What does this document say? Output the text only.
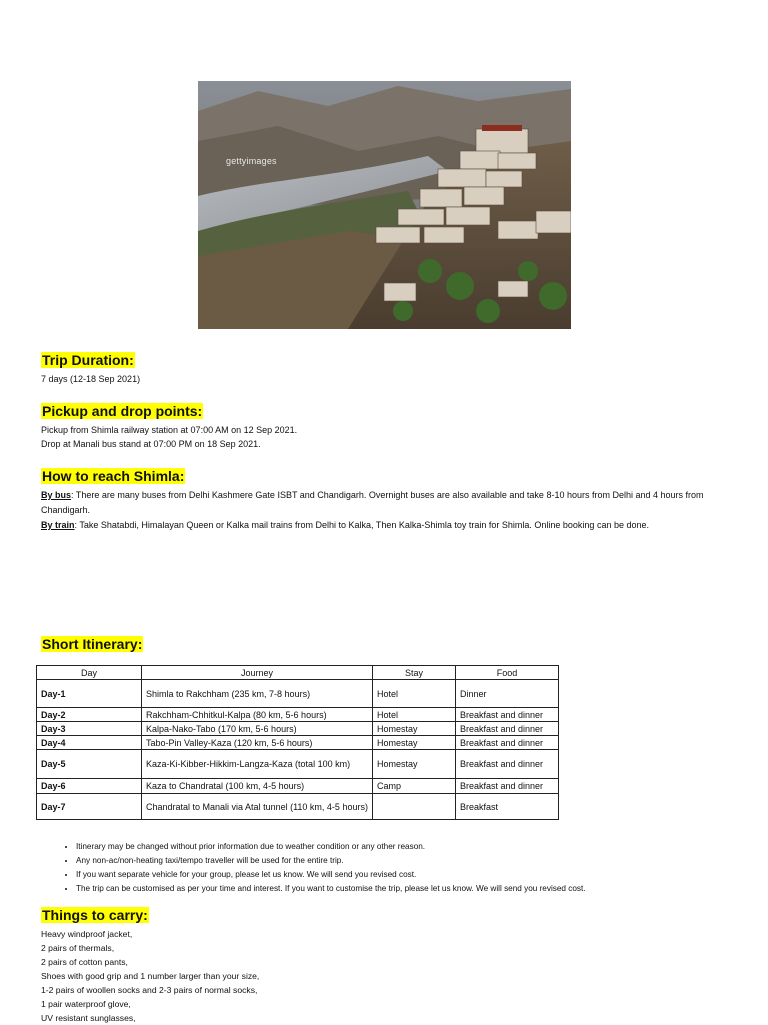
gettyimages
Trip Duration:

7 days (12-18 Sep 2021)

Pickup and drop points:

Pickup from Shimla railway station at 07:00 AM on 12 Sep 2021.

Drop at Manali bus stand at 07:00 PM on 18 Sep 2021.

How to reach Shimla:

By bus: There are many buses from Delhi Kashmere Gate ISBT and Chandigarh. Overnight buses are also available and take 8-10 hours from Delhi and 4 hours from Chandigarh.

By train: Take Shatabdi, Himalayan Queen or Kalka mail trains from Delhi to Kalka, Then Kalka-Shimla toy train for Shimla. Online booking can be done.

Short Itinerary:
Day	Journey	Stay	Food
Day-1	Shimla to Rakchham (235 km, 7-8 hours)	Hotel	Dinner
Day-2	Rakchham-Chhitkul-Kalpa (80 km, 5-6 hours)	Hotel	Breakfast and dinner
Day-3	Kalpa-Nako-Tabo (170 km, 5-6 hours)	Homestay	Breakfast and dinner
Day-4	Tabo-Pin Valley-Kaza (120 km, 5-6 hours)	Homestay	Breakfast and dinner
Day-5	Kaza-Ki-Kibber-Hikkim-Langza-Kaza (total 100 km)	Homestay	Breakfast and dinner
Day-6	Kaza to Chandratal (100 km, 4-5 hours)	Camp	Breakfast and dinner
Day-7	Chandratal to Manali via Atal tunnel (110 km, 4-5 hours)		Breakfast
• Itinerary may be changed without prior information due to weather condition or any other reason.
• Any non-ac/non-heating taxi/tempo traveller will be used for the entire trip.
• If you want separate vehicle for your group, please let us know. We will send you revised cost.
• The trip can be customised as per your time and interest. If you want to customise the trip, please let us know. We will send you revised cost.
Things to carry:
Heavy windproof jacket,
2 pairs of thermals,
2 pairs of cotton pants,
Shoes with good grip and 1 number larger than your size,
1-2 pairs of woollen socks and 2-3 pairs of normal socks,
1 pair waterproof glove,
UV resistant sunglasses,
